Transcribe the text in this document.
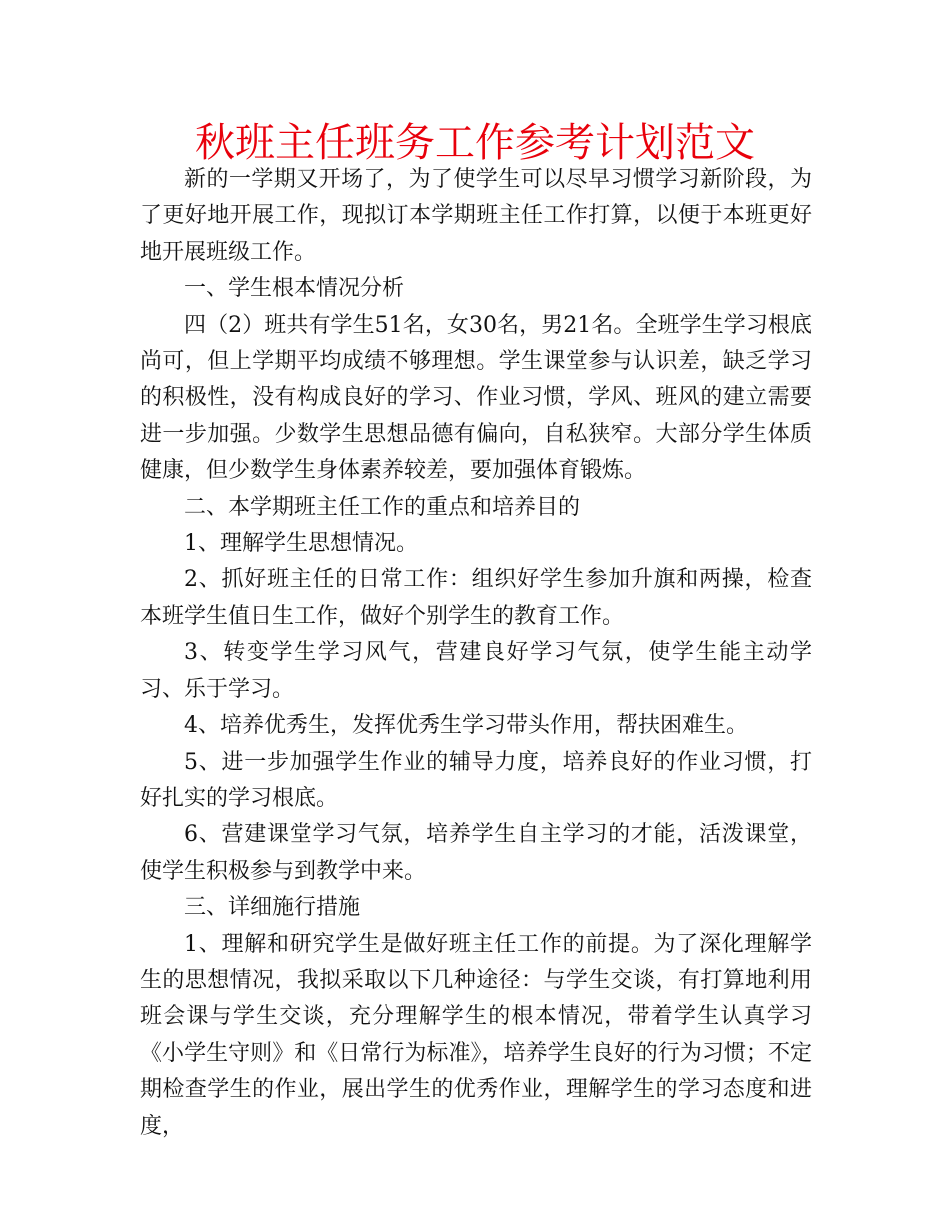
秋班主任班务工作参考计划范文

新的一学期又开场了，为了使学生可以尽早习惯学习新阶段，为了更好地开展工作，现拟订本学期班主任工作打算，以便于本班更好地开展班级工作。

一、学生根本情况分析

四（2）班共有学生51名，女30名，男21名。全班学生学习根底尚可，但上学期平均成绩不够理想。学生课堂参与认识差，缺乏学习的积极性，没有构成良好的学习、作业习惯，学风、班风的建立需要进一步加强。少数学生思想品德有偏向，自私狭窄。大部分学生体质健康，但少数学生身体素养较差，要加强体育锻炼。

二、本学期班主任工作的重点和培养目的

1、理解学生思想情况。

2、抓好班主任的日常工作：组织好学生参加升旗和两操，检查本班学生值日生工作，做好个别学生的教育工作。

3、转变学生学习风气，营建良好学习气氛，使学生能主动学习、乐于学习。

4、培养优秀生，发挥优秀生学习带头作用，帮扶困难生。

5、进一步加强学生作业的辅导力度，培养良好的作业习惯，打好扎实的学习根底。

6、营建课堂学习气氛，培养学生自主学习的才能，活泼课堂，使学生积极参与到教学中来。

三、详细施行措施

1、理解和研究学生是做好班主任工作的前提。为了深化理解学生的思想情况，我拟采取以下几种途径：与学生交谈，有打算地利用班会课与学生交谈，充分理解学生的根本情况，带着学生认真学习《小学生守则》和《日常行为标准》，培养学生良好的行为习惯；不定期检查学生的作业，展出学生的优秀作业，理解学生的学习态度和进度，
